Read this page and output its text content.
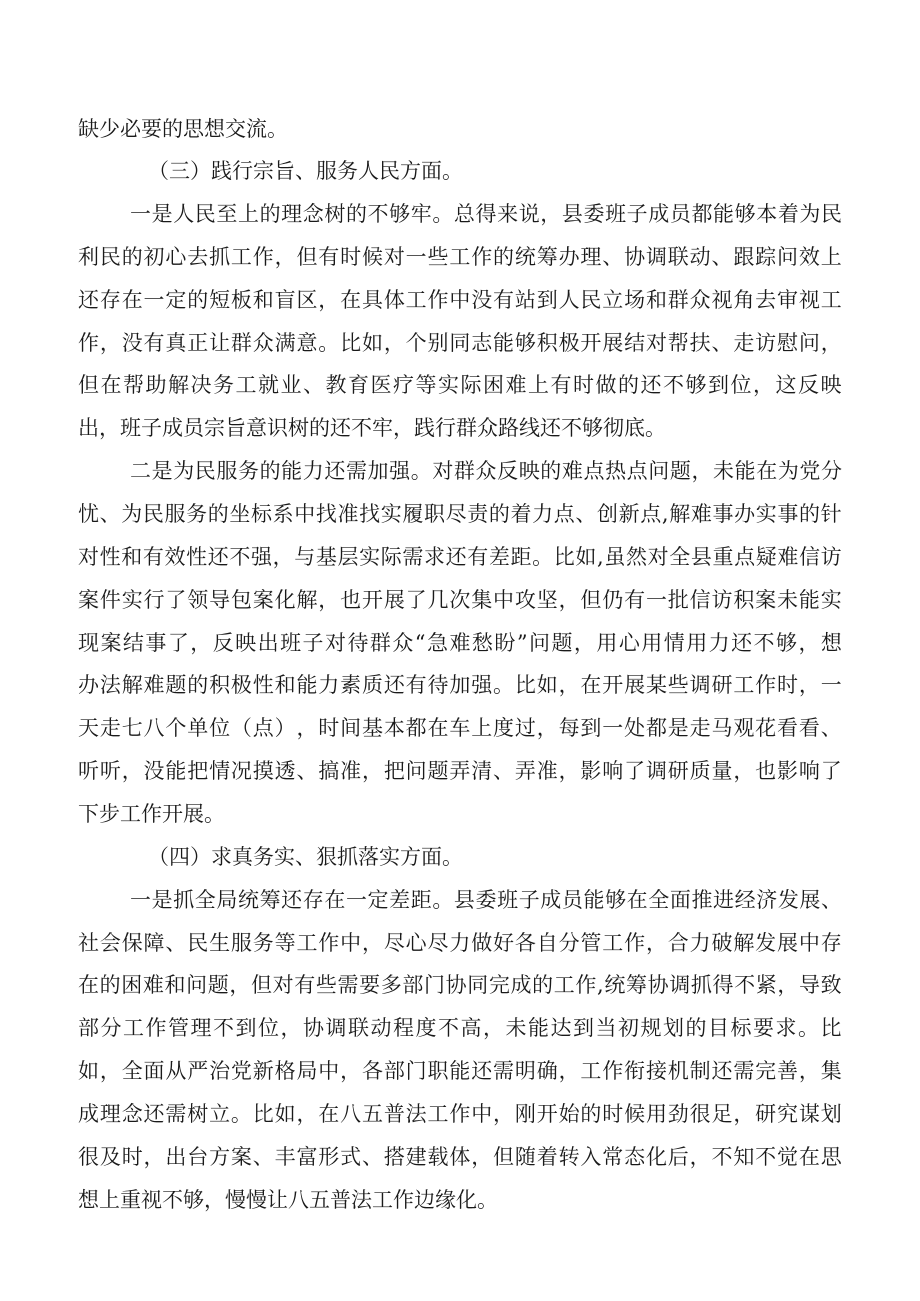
缺少必要的思想交流。
（三）践行宗旨、服务人民方面。
一 是 人 民 至 上 的 理 念 树 的 不 够 牢 。 总 得 来 说 ， 县 委 班 子 成 员 都 能 够 本 着 为 民
利 民 的 初 心 去 抓 工 作 ， 但 有 时 候 对 一 些 工 作 的 统 筹 办 理 、 协 调 联 动 、 跟 踪 问 效 上
还 存 在 一 定 的 短 板 和 盲 区 ， 在 具 体 工 作 中 没 有 站 到 人 民 立 场 和 群 众 视 角 去 审 视 工
作 ， 没 有 真 正 让 群 众 满 意 。 比 如 ， 个 别 同 志 能 够 积 极 开 展 结 对 帮 扶 、 走 访 慰 问 ，
但 在 帮 助 解 决 务 工 就 业 、 教 育 医 疗 等 实 际 困 难 上 有 时 做 的 还 不 够 到 位 ， 这 反 映
出，班子成员宗旨意识树的还不牢，践行群众路线还不够彻底。
二 是 为 民 服 务 的 能 力 还 需 加 强 。 对 群 众 反 映 的 难 点 热 点 问 题 ， 未 能 在 为 党 分
忧 、 为 民 服 务 的 坐 标 系 中 找 准 找 实 履 职 尽 责 的 着 力 点 、 创 新 点 , 解 难 事 办 实 事 的 针
对 性 和 有 效 性 还 不 强 ， 与 基 层 实 际 需 求 还 有 差 距 。 比 如 , 虽 然 对 全 县 重 点 疑 难 信 访
案 件 实 行 了 领 导 包 案 化 解 ， 也 开 展 了 几 次 集 中 攻 坚 ， 但 仍 有 一 批 信 访 积 案 未 能 实
现 案 结 事 了 ， 反 映 出 班 子 对 待 群 众 “ 急 难 愁 盼 ” 问 题 ， 用 心 用 情 用 力 还 不 够 ， 想
办 法 解 难 题 的 积 极 性 和 能 力 素 质 还 有 待 加 强 。 比 如 ， 在 开 展 某 些 调 研 工 作 时 ， 一
天 走 七 八 个 单 位 （ 点 ） ， 时 间 基 本 都 在 车 上 度 过 ， 每 到 一 处 都 是 走 马 观 花 看 看 、
听 听 ， 没 能 把 情 况 摸 透 、 搞 准 ， 把 问 题 弄 清 、 弄 准 ， 影 响 了 调 研 质 量 ， 也 影 响 了
下步工作开展。
（四）求真务实、狠抓落实方面。
一 是 抓 全 局 统 筹 还 存 在 一 定 差 距 。 县 委 班 子 成 员 能 够 在 全 面 推 进 经 济 发 展 、
社 会 保 障 、 民 生 服 务 等 工 作 中 ， 尽 心 尽 力 做 好 各 自 分 管 工 作 ， 合 力 破 解 发 展 中 存
在 的 困 难 和 问 题 ， 但 对 有 些 需 要 多 部 门 协 同 完 成 的 工 作 , 统 筹 协 调 抓 得 不 紧 ， 导 致
部 分 工 作 管 理 不 到 位 ， 协 调 联 动 程 度 不 高 ， 未 能 达 到 当 初 规 划 的 目 标 要 求 。 比
如 ， 全 面 从 严 治 党 新 格 局 中 ， 各 部 门 职 能 还 需 明 确 ， 工 作 衔 接 机 制 还 需 完 善 ， 集
成 理 念 还 需 树 立 。 比 如 ， 在 八 五 普 法 工 作 中 ， 刚 开 始 的 时 候 用 劲 很 足 ， 研 究 谋 划
很 及 时 ， 出 台 方 案 、 丰 富 形 式 、 搭 建 载 体 ， 但 随 着 转 入 常 态 化 后 ， 不 知 不 觉 在 思
想上重视不够，慢慢让八五普法工作边缘化。
